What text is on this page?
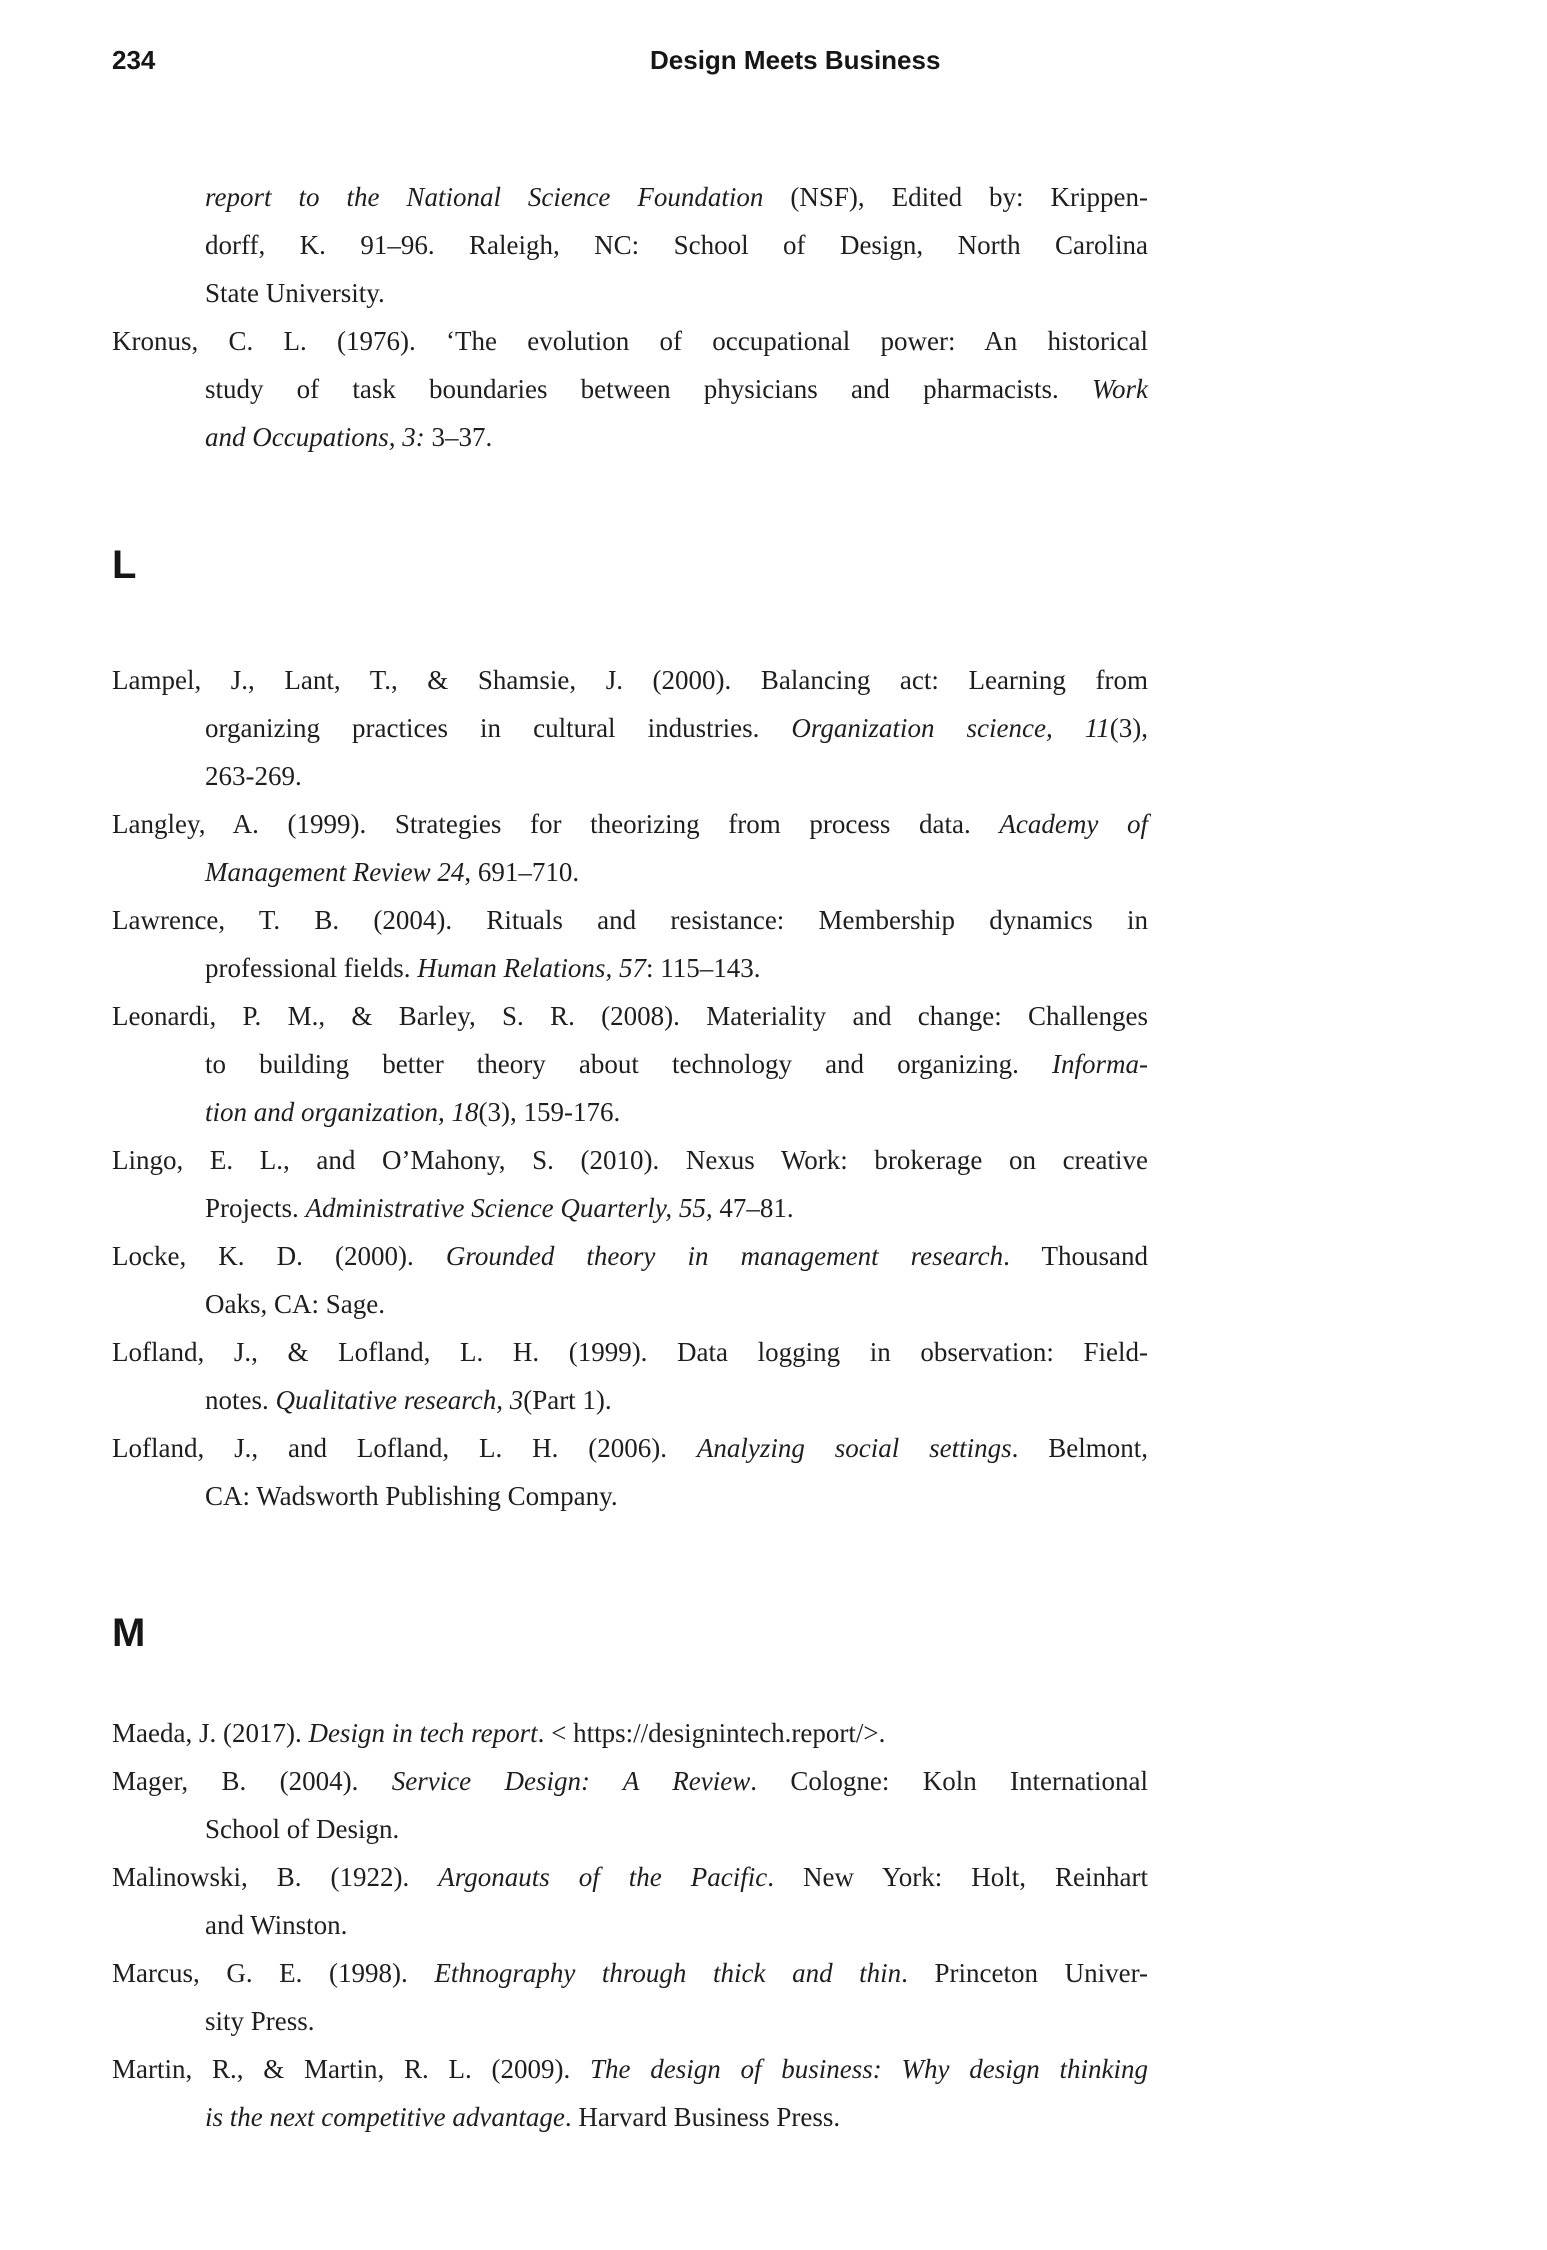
234	Design Meets Business
report to the National Science Foundation (NSF), Edited by: Krippen-
dorff, K. 91–96. Raleigh, NC: School of Design, North Carolina
State University.
Kronus, C. L. (1976). ‘The evolution of occupational power: An historical
study of task boundaries between physicians and pharmacists. Work
and Occupations, 3: 3–37.
L
Lampel, J., Lant, T., & Shamsie, J. (2000). Balancing act: Learning from
organizing practices in cultural industries. Organization science, 11(3),
263-269.
Langley, A. (1999). Strategies for theorizing from process data. Academy of
Management Review 24, 691–710.
Lawrence, T. B. (2004). Rituals and resistance: Membership dynamics in
professional fields. Human Relations, 57: 115–143.
Leonardi, P. M., & Barley, S. R. (2008). Materiality and change: Challenges
to building better theory about technology and organizing. Informa-
tion and organization, 18(3), 159-176.
Lingo, E. L., and O’Mahony, S. (2010). Nexus Work: brokerage on creative
Projects. Administrative Science Quarterly, 55, 47–81.
Locke, K. D. (2000). Grounded theory in management research. Thousand
Oaks, CA: Sage.
Lofland, J., & Lofland, L. H. (1999). Data logging in observation: Field-
notes. Qualitative research, 3(Part 1).
Lofland, J., and Lofland, L. H. (2006). Analyzing social settings. Belmont,
CA: Wadsworth Publishing Company.
M
Maeda, J. (2017). Design in tech report. < https://designintech.report/>.
Mager, B. (2004). Service Design: A Review. Cologne: Koln International
School of Design.
Malinowski, B. (1922). Argonauts of the Pacific. New York: Holt, Reinhart
and Winston.
Marcus, G. E. (1998). Ethnography through thick and thin. Princeton Univer-
sity Press.
Martin, R., & Martin, R. L. (2009). The design of business: Why design thinking
is the next competitive advantage. Harvard Business Press.
